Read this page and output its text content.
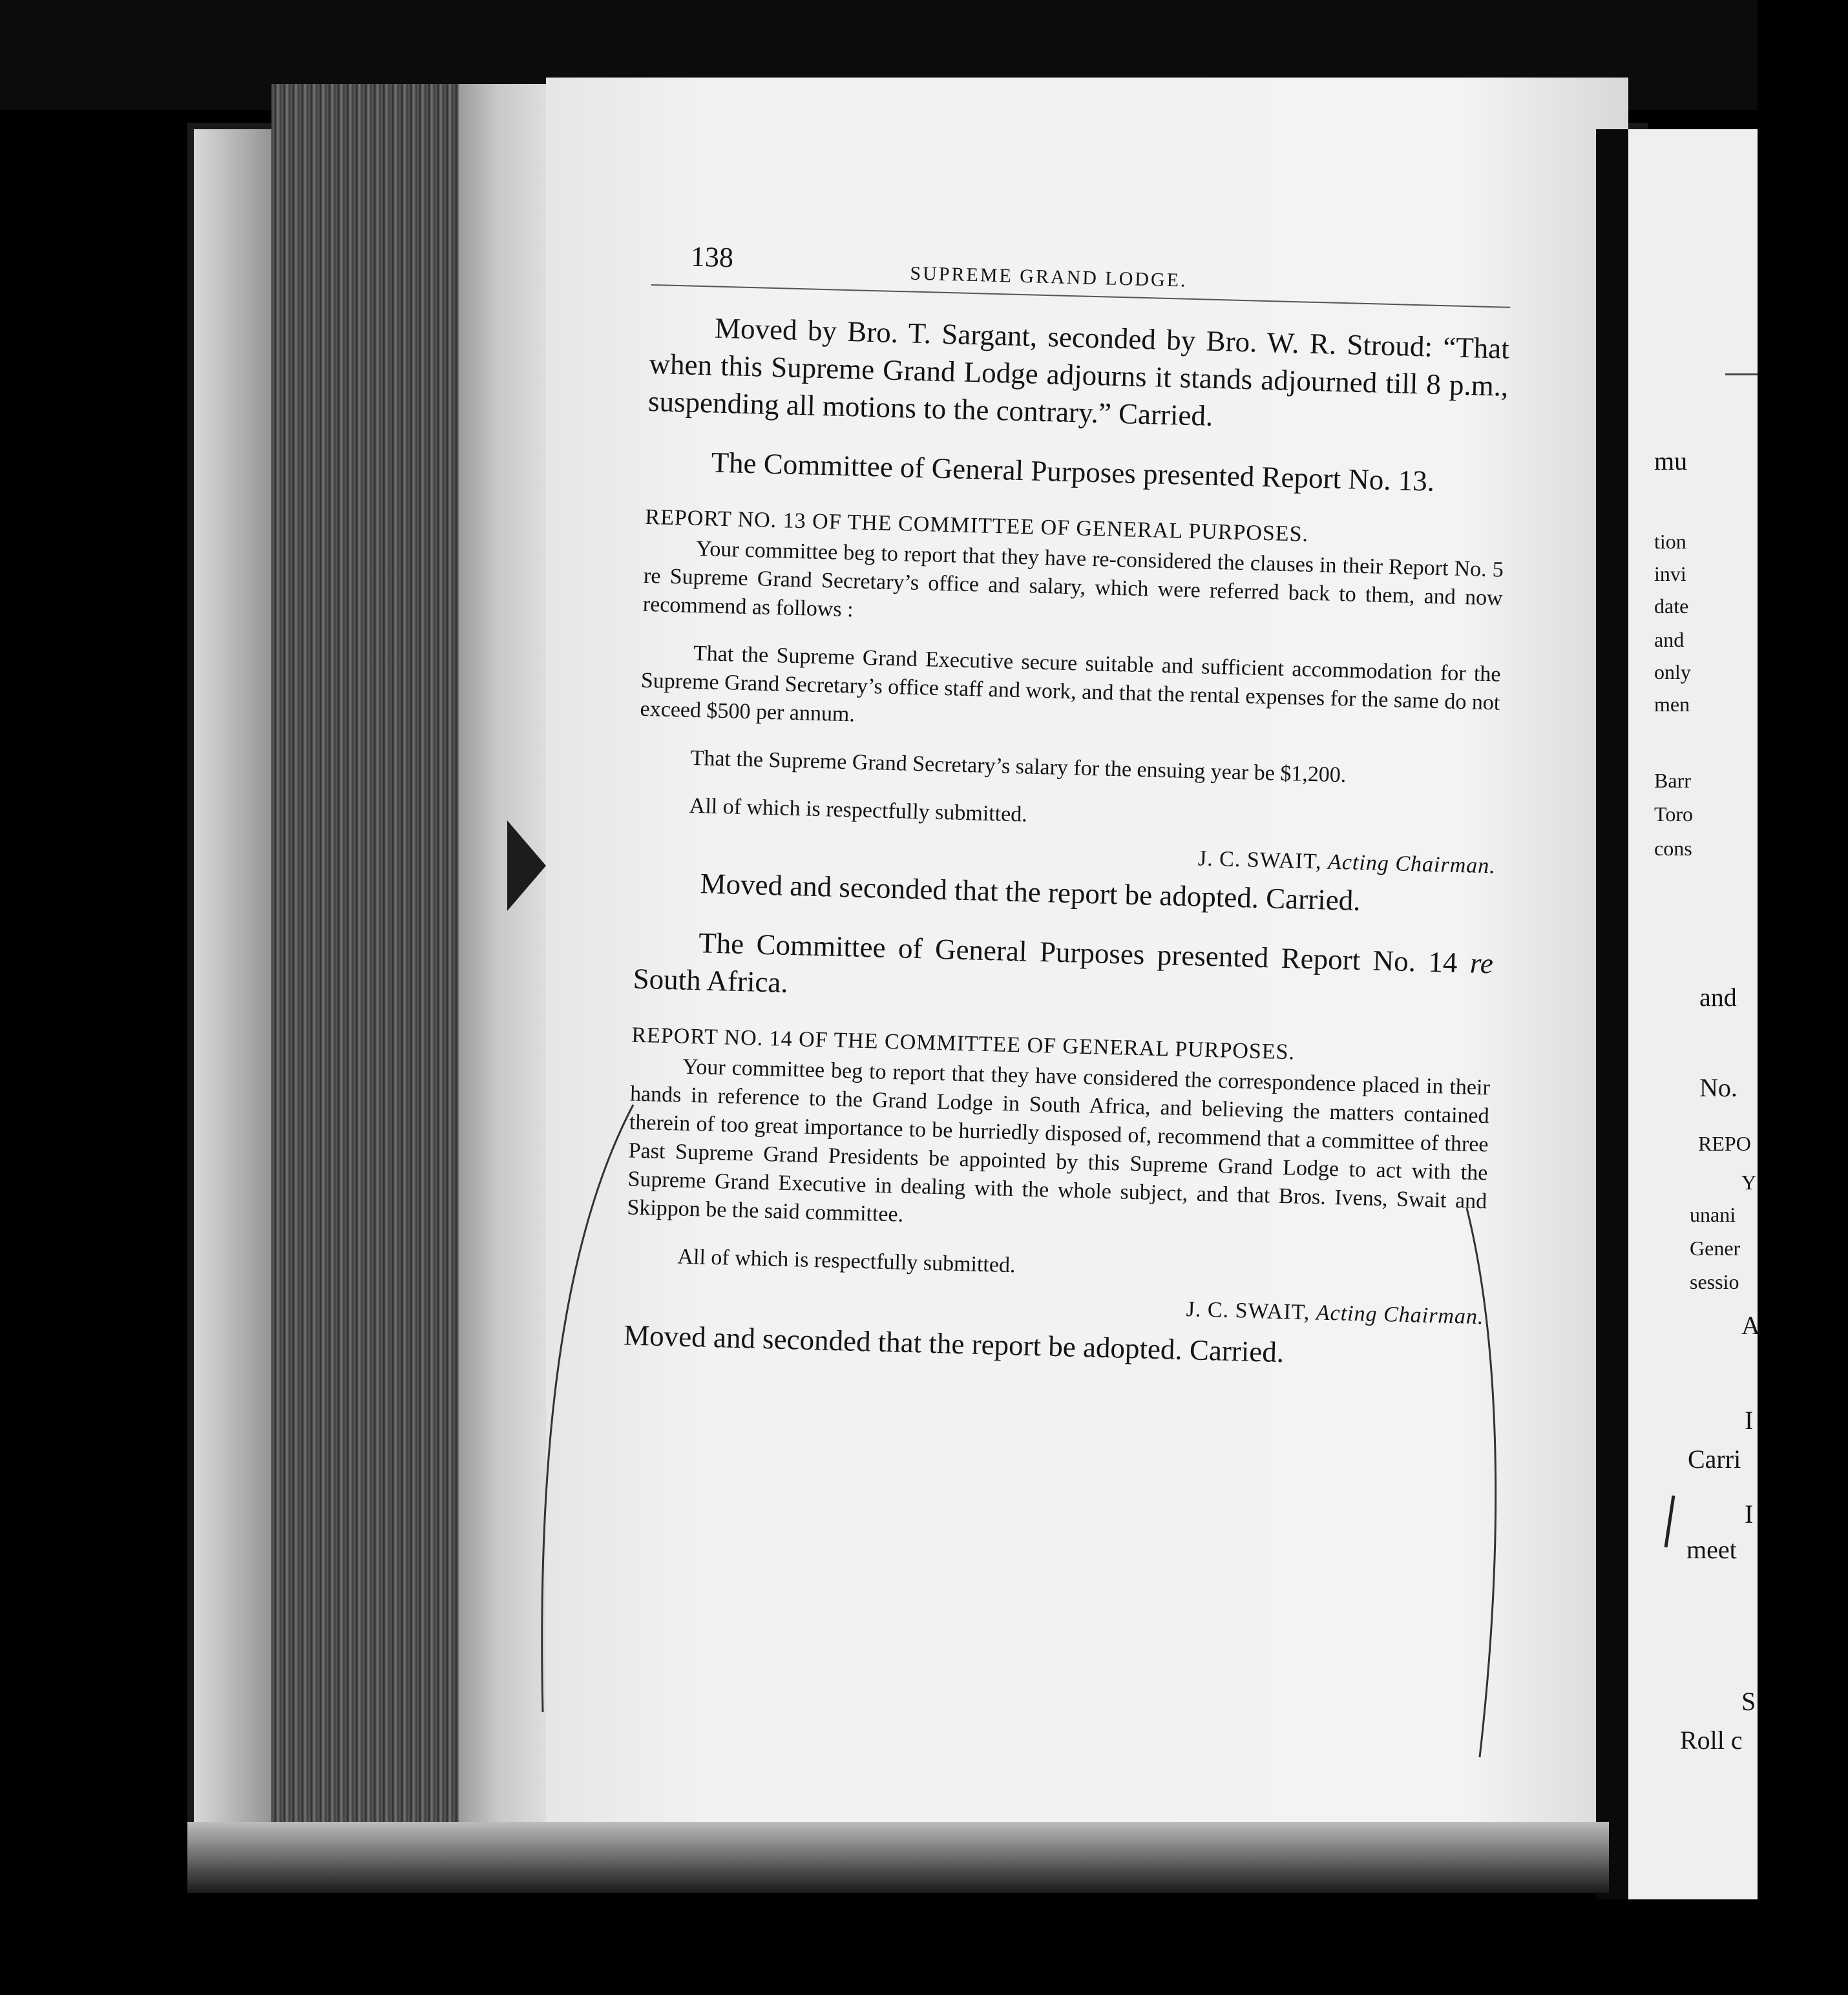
138
SUPREME GRAND LODGE.

Moved by Bro. T. Sargant, seconded by Bro. W. R. Stroud: “That when this Supreme Grand Lodge adjourns it stands adjourned till 8 p.m., suspending all motions to the contrary.” Carried.

The Committee of General Purposes presented Report No. 13.

REPORT NO. 13 OF THE COMMITTEE OF GENERAL PURPOSES.

Your committee beg to report that they have re-considered the clauses in their Report No. 5 re Supreme Grand Secretary’s office and salary, which were referred back to them, and now recommend as follows :

That the Supreme Grand Executive secure suitable and sufficient accommodation for the Supreme Grand Secretary’s office staff and work, and that the rental expenses for the same do not exceed $500 per annum.

That the Supreme Grand Secretary’s salary for the ensuing year be $1,200.

All of which is respectfully submitted.

J. C. SWAIT, Acting Chairman.

Moved and seconded that the report be adopted. Carried.

The Committee of General Purposes presented Report No. 14 re South Africa.

REPORT NO. 14 OF THE COMMITTEE OF GENERAL PURPOSES.

Your committee beg to report that they have considered the correspondence placed in their hands in reference to the Grand Lodge in South Africa, and believing the matters contained therein of too great importance to be hurriedly disposed of, recommend that a committee of three Past Supreme Grand Presidents be appointed by this Supreme Grand Lodge to act with the Supreme Grand Executive in dealing with the whole subject, and that Bros. Ivens, Swait and Skippon be the said committee.

All of which is respectfully submitted.

J. C. SWAIT, Acting Chairman.

Moved and seconded that the report be adopted. Carried.

mu
tion
invi
date
and
only
men
Barr
Toro
cons
and
No.
REPO
Y
unani
Gener
sessio
A
I
Carri
I
meet
S
Roll c
